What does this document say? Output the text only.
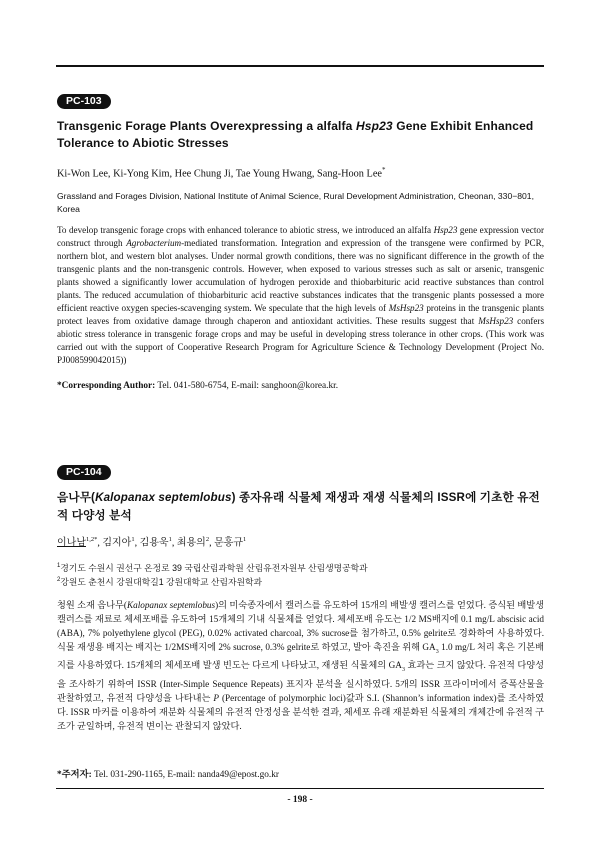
PC-103
Transgenic Forage Plants Overexpressing a alfalfa Hsp23 Gene Exhibit Enhanced Tolerance to Abiotic Stresses
Ki-Won Lee, Ki-Yong Kim, Hee Chung Ji, Tae Young Hwang, Sang-Hoon Lee*
Grassland and Forages Division, National Institute of Animal Science, Rural Development Administration, Cheonan, 330−801, Korea
To develop transgenic forage crops with enhanced tolerance to abiotic stress, we introduced an alfalfa Hsp23 gene expression vector construct through Agrobacterium-mediated transformation. Integration and expression of the transgene were confirmed by PCR, northern blot, and western blot analyses. Under normal growth conditions, there was no significant difference in the growth of the transgenic plants and the non-transgenic controls. However, when exposed to various stresses such as salt or arsenic, transgenic plants showed a significantly lower accumulation of hydrogen peroxide and thiobarbituric acid reactive substances than control plants. The reduced accumulation of thiobarbituric acid reactive substances indicates that the transgenic plants possessed a more efficient reactive oxygen species-scavenging system. We speculate that the high levels of MsHsp23 proteins in the transgenic plants protect leaves from oxidative damage through chaperon and antioxidant activities. These results suggest that MsHsp23 confers abiotic stress tolerance in transgenic forage crops and may be useful in developing stress tolerance in other crops. (This work was carried out with the support of Cooperative Research Program for Agriculture Science & Technology Development (Project No. PJ008599042015))
*Corresponding Author: Tel. 041-580-6754, E-mail: sanghoon@korea.kr.
PC-104
음나무(Kalopanax septemlobus) 종자유래 식물체 재생과 재생 식물체의 ISSR에 기초한 유전적 다양성 분석
이나남$^{1,2*}$, 김지아$^1$, 김용욱$^1$, 최용의$^2$, 문흥규$^1$
$^1$경기도 수원시 권선구 온정로 39 국립산림과학원 산림유전자원부 산림생명공학과
$^2$강원도 춘천시 강원대학길1 강원대학교 산림자원학과
청원 소재 음나무(Kalopanax septemlobus)의 미숙종자에서 캘러스를 유도하여 15개의 배발생 캘러스를 얻었다. 증식된 배발생 캘러스를 재료로 체세포배를 유도하여 15개체의 기내 식물체를 얻었다. 체세포배 유도는 1/2 MS배지에 0.1 mg/L abscisic acid (ABA), 7% polyethylene glycol (PEG), 0.02% activated charcoal, 3% sucrose를 첨가하고, 0.5% gelrite로 경화하여 사용하였다. 식물 재생용 배지는 배지는 1/2MS배지에 2% sucrose, 0.3% gelrite로 하였고, 발아 촉진을 위해 $GA_3$ 1.0 mg/L 처리 혹은 기본배지를 사용하였다. 15개체의 체세포배 발생 빈도는 다르게 나타났고, 재생된 식물체의 $GA_3$ 효과는 크지 않았다. 유전적 다양성을 조사하기 위하여 ISSR (Inter-Simple Sequence Repeats) 표지자 분석을 실시하였다. 5개의 ISSR 프라이머에서 증폭산물을 관찰하였고, 유전적 다양성을 나타내는 P (Percentage of polymorphic loci)값과 S.I. (Shannon’s information index)를 조사하였다. ISSR 마커를 이용하여 재분화 식물체의 유전적 안정성을 분석한 결과, 체세포 유래 재분화된 식물체의 개체간에 유전적 구조가 균일하며, 유전적 변이는 관찰되지 않았다.
*주저자: Tel. 031-290-1165, E-mail: nanda49@epost.go.kr
- 198 -
